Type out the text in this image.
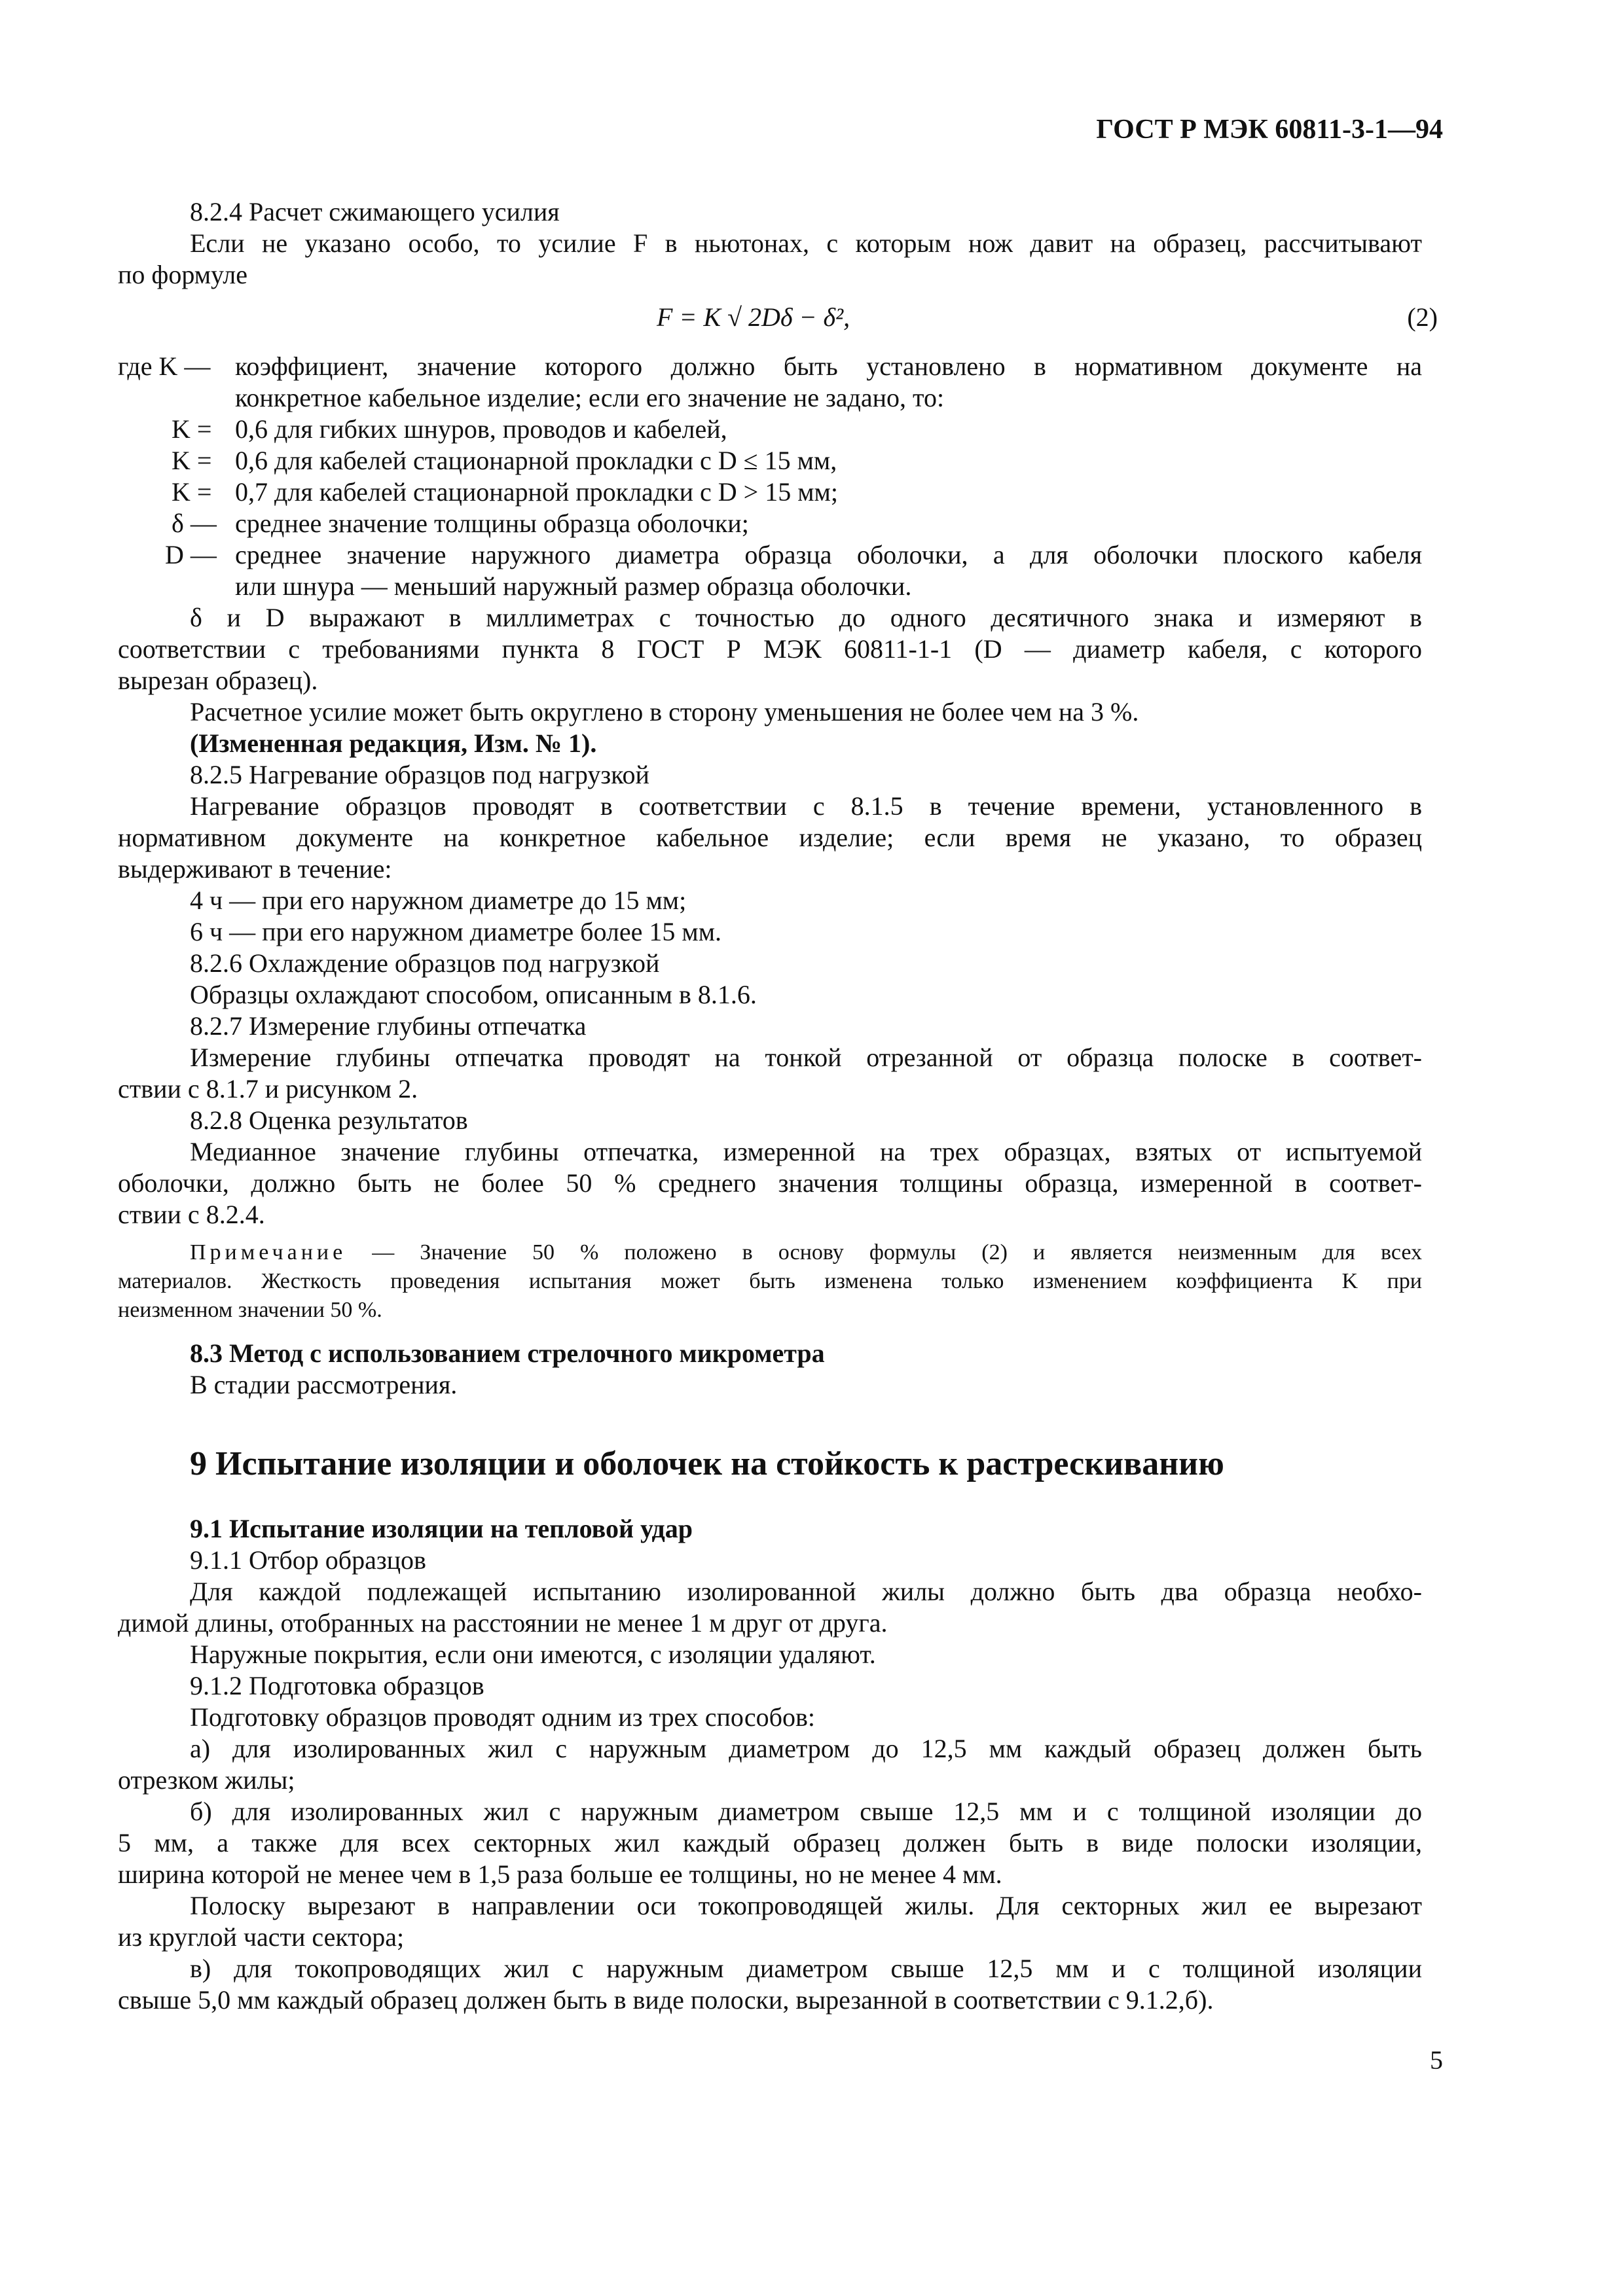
ГОСТ Р МЭК 60811-3-1—94
8.2.4 Расчет сжимающего усилия
Если не указано особо, то усилие F в ньютонах, с которым нож давит на образец, рассчитывают
по формуле
F = K √ 2Dδ − δ²,	(2)
где K — коэффициент, значение которого должно быть установлено в нормативном документе на
конкретное кабельное изделие; если его значение не задано, то:
K = 0,6 для гибких шнуров, проводов и кабелей,
K = 0,6 для кабелей стационарной прокладки с D ≤ 15 мм,
K = 0,7 для кабелей стационарной прокладки с D > 15 мм;
δ — среднее значение толщины образца оболочки;
D — среднее значение наружного диаметра образца оболочки, а для оболочки плоского кабеля
или шнура — меньший наружный размер образца оболочки.
δ и D выражают в миллиметрах с точностью до одного десятичного знака и измеряют в
соответствии с требованиями пункта 8 ГОСТ Р МЭК 60811-1-1 (D — диаметр кабеля, с которого
вырезан образец).
Расчетное усилие может быть округлено в сторону уменьшения не более чем на 3 %.
(Измененная редакция, Изм. № 1).
8.2.5 Нагревание образцов под нагрузкой
Нагревание образцов проводят в соответствии с 8.1.5 в течение времени, установленного в
нормативном документе на конкретное кабельное изделие; если время не указано, то образец
выдерживают в течение:
4 ч — при его наружном диаметре до 15 мм;
6 ч — при его наружном диаметре более 15 мм.
8.2.6 Охлаждение образцов под нагрузкой
Образцы охлаждают способом, описанным в 8.1.6.
8.2.7 Измерение глубины отпечатка
Измерение глубины отпечатка проводят на тонкой отрезанной от образца полоске в соответ-
ствии с 8.1.7 и рисунком 2.
8.2.8 Оценка результатов
Медианное значение глубины отпечатка, измеренной на трех образцах, взятых от испытуемой
оболочки, должно быть не более 50 % среднего значения толщины образца, измеренной в соответ-
ствии с 8.2.4.
Примечание — Значение 50 % положено в основу формулы (2) и является неизменным для всех
материалов. Жесткость проведения испытания может быть изменена только изменением коэффициента K при
неизменном значении 50 %.
8.3 Метод с использованием стрелочного микрометра
В стадии рассмотрения.
9 Испытание изоляции и оболочек на стойкость к растрескиванию
9.1 Испытание изоляции на тепловой удар
9.1.1 Отбор образцов
Для каждой подлежащей испытанию изолированной жилы должно быть два образца необхо-
димой длины, отобранных на расстоянии не менее 1 м друг от друга.
Наружные покрытия, если они имеются, с изоляции удаляют.
9.1.2 Подготовка образцов
Подготовку образцов проводят одним из трех способов:
а) для изолированных жил с наружным диаметром до 12,5 мм каждый образец должен быть
отрезком жилы;
б) для изолированных жил с наружным диаметром свыше 12,5 мм и с толщиной изоляции до
5 мм, а также для всех секторных жил каждый образец должен быть в виде полоски изоляции,
ширина которой не менее чем в 1,5 раза больше ее толщины, но не менее 4 мм.
Полоску вырезают в направлении оси токопроводящей жилы. Для секторных жил ее вырезают
из круглой части сектора;
в) для токопроводящих жил с наружным диаметром свыше 12,5 мм и с толщиной изоляции
свыше 5,0 мм каждый образец должен быть в виде полоски, вырезанной в соответствии с 9.1.2,б).
5
